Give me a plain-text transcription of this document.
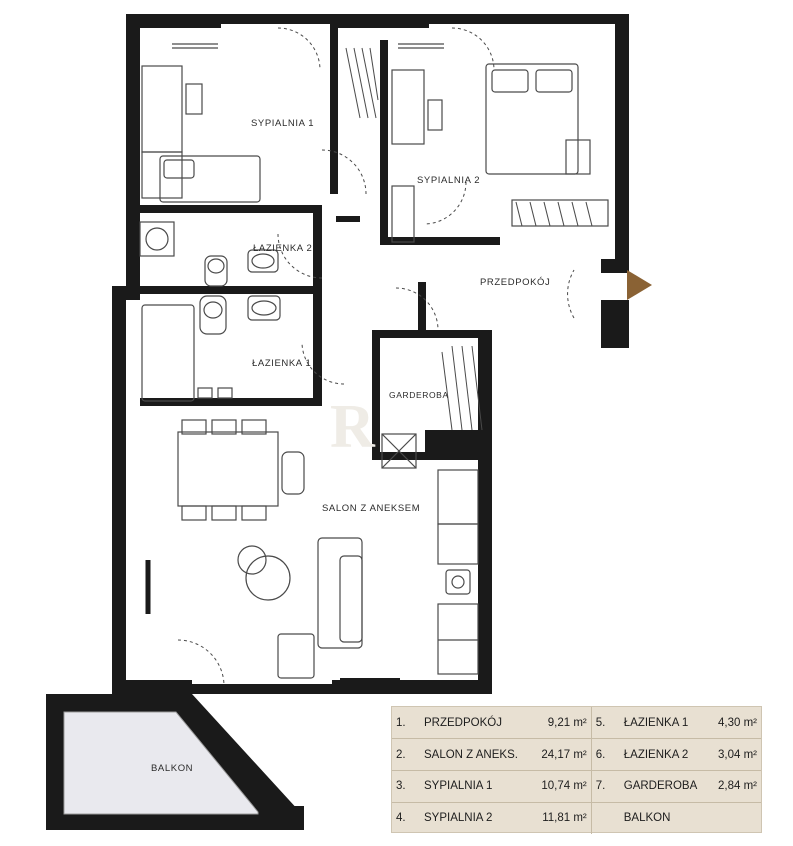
SYPIALNIA 1
SYPIALNIA 2
ŁAZIENKA 2
ŁAZIENKA 1
PRZEDPOKÓJ
GARDEROBA
SALON Z ANEKSEM
BALKON
R
1.	PRZEDPOKÓJ	9,21 m²	5.	ŁAZIENKA 1	4,30 m²
2.	SALON Z ANEKS.	24,17 m²	6.	ŁAZIENKA 2	3,04 m²
3.	SYPIALNIA 1	10,74 m²	7.	GARDEROBA	2,84 m²
4.	SYPIALNIA 2	11,81 m²		BALKON	
